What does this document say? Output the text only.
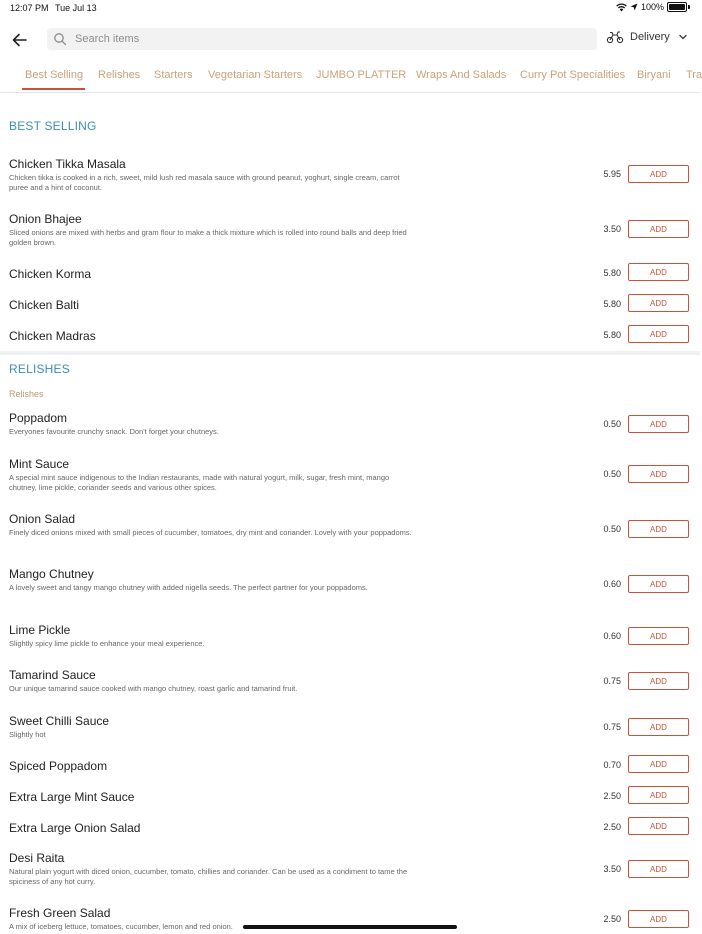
12:07 PM Tue Jul 13	100%
Search items
Delivery
Best Selling Relishes Starters Vegetarian Starters JUMBO PLATTER Wraps And Salads Curry Pot Specialities Biryani Tra
BEST SELLING
Chicken Tikka Masala
Chicken tikka is cooked in a rich, sweet, mild lush red masala sauce with ground peanut, yoghurt, single cream, carrot puree and a hint of coconut.
5.95	ADD
Onion Bhajee
Sliced onions are mixed with herbs and gram flour to make a thick mixture which is rolled into round balls and deep fried golden brown.
3.50	ADD
Chicken Korma	5.80	ADD
Chicken Balti	5.80	ADD
Chicken Madras	5.80	ADD
RELISHES
Relishes
Poppadom
Everyones favourite crunchy snack. Don't forget your chutneys.
0.50	ADD
Mint Sauce
A special mint sauce indigenous to the Indian restaurants, made with natural yogurt, milk, sugar, fresh mint, mango chutney, lime pickle, coriander seeds and various other spices.
0.50	ADD
Onion Salad
Finely diced onions mixed with small pieces of cucumber, tomatoes, dry mint and coriander. Lovely with your poppadoms.	0.50	ADD
Mango Chutney
A lovely sweet and tangy mango chutney with added nigella seeds. The perfect partner for your poppadoms.	0.60	ADD
Lime Pickle
Slightly spicy lime pickle to enhance your meal experience.
0.60	ADD
Tamarind Sauce
Our unique tamarind sauce cooked with mango chutney, roast garlic and tamarind fruit.
0.75	ADD
Sweet Chilli Sauce
Slightly hot
0.75	ADD
Spiced Poppadom	0.70	ADD
Extra Large Mint Sauce	2.50	ADD
Extra Large Onion Salad	2.50	ADD
Desi Raita
Natural plain yogurt with diced onion, cucumber, tomato, chillies and coriander. Can be used as a condiment to tame the spiciness of any hot curry.
3.50	ADD
Fresh Green Salad
A mix of iceberg lettuce, tomatoes, cucumber, lemon and red onion.
2.50	ADD
